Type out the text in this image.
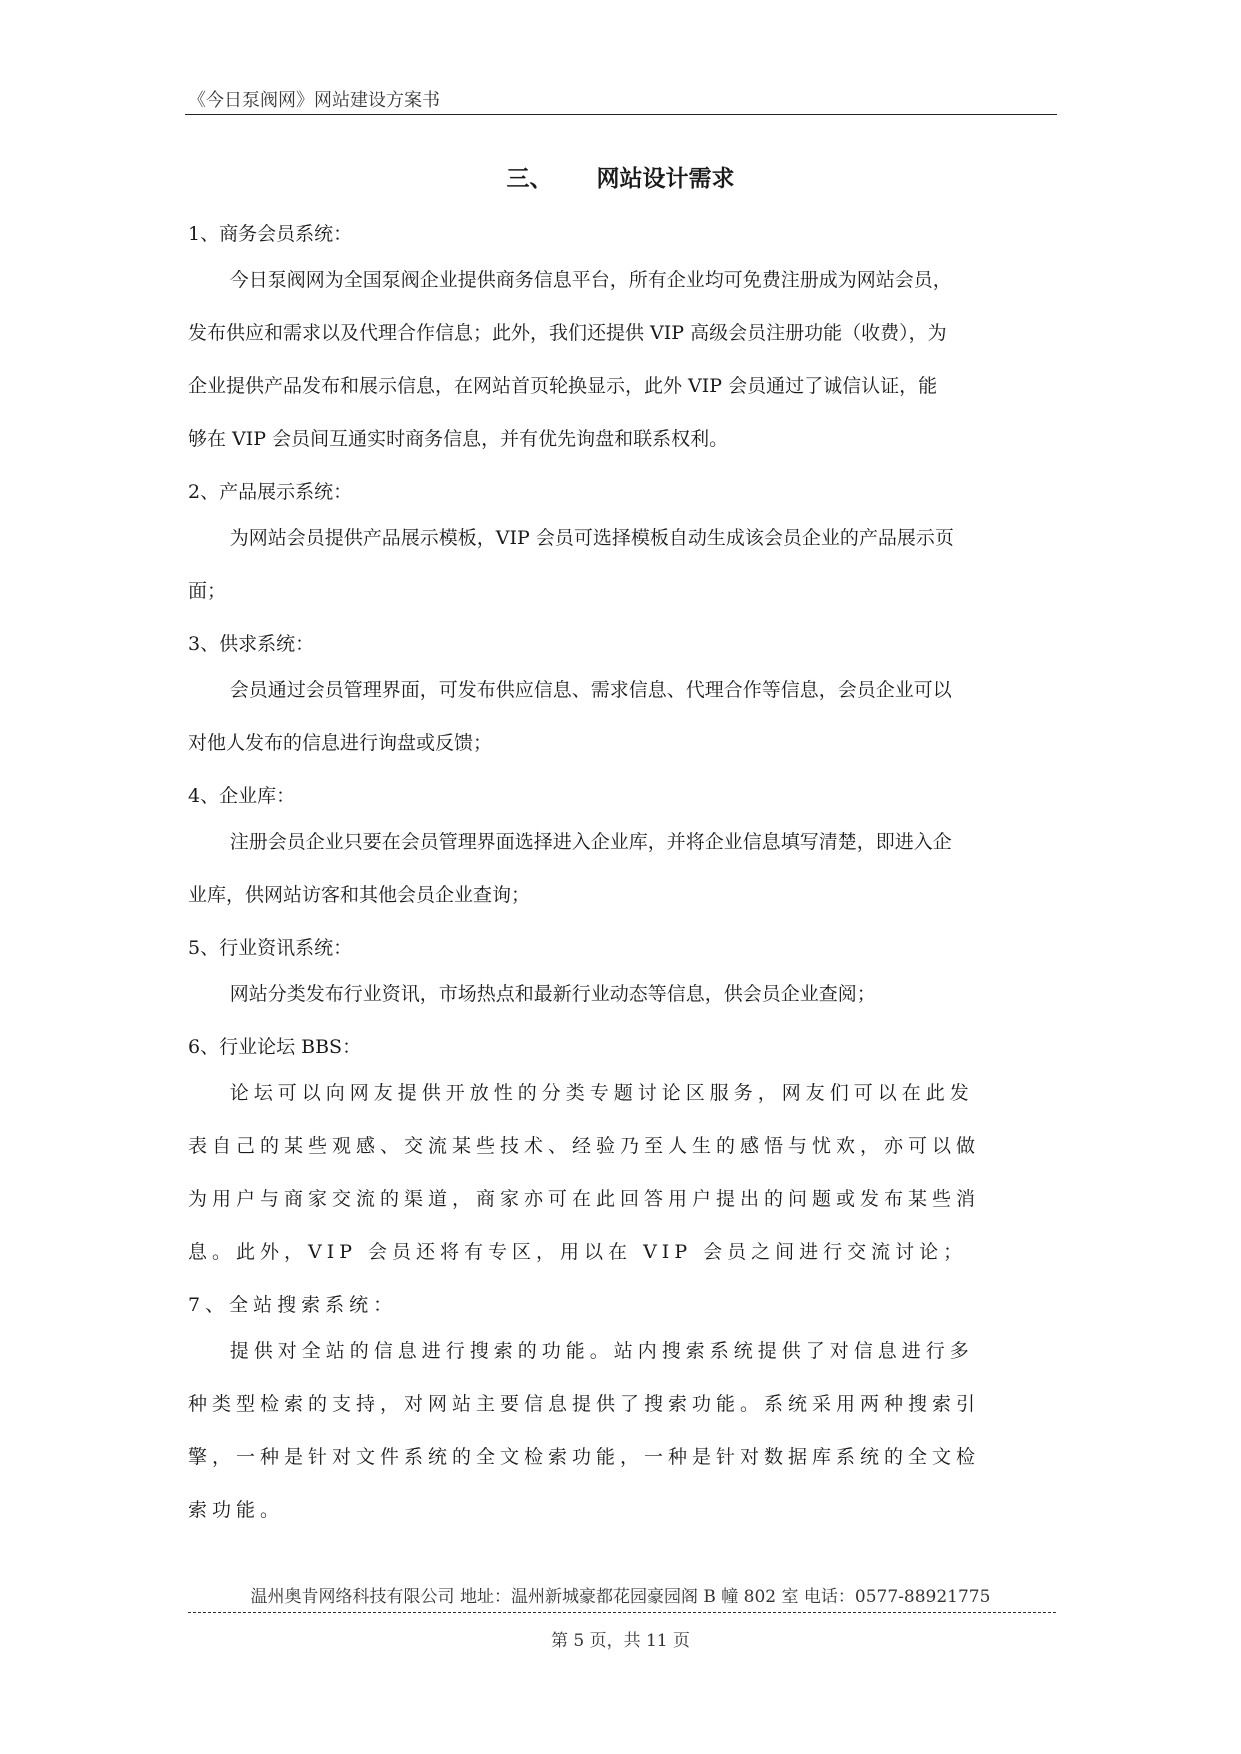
《今日泵阀网》网站建设方案书
三、 网站设计需求
1、商务会员系统：
今日泵阀网为全国泵阀企业提供商务信息平台，所有企业均可免费注册成为网站会员，
发布供应和需求以及代理合作信息；此外，我们还提供 VIP 高级会员注册功能（收费），为
企业提供产品发布和展示信息，在网站首页轮换显示，此外 VIP 会员通过了诚信认证，能
够在 VIP 会员间互通实时商务信息，并有优先询盘和联系权利。
2、产品展示系统：
为网站会员提供产品展示模板，VIP 会员可选择模板自动生成该会员企业的产品展示页
面；
3、供求系统：
会员通过会员管理界面，可发布供应信息、需求信息、代理合作等信息，会员企业可以
对他人发布的信息进行询盘或反馈；
4、企业库：
注册会员企业只要在会员管理界面选择进入企业库，并将企业信息填写清楚，即进入企
业库，供网站访客和其他会员企业查询；
5、行业资讯系统：
网站分类发布行业资讯，市场热点和最新行业动态等信息，供会员企业查阅；
6、行业论坛 BBS：
论坛可以向网友提供开放性的分类专题讨论区服务，网友们可以在此发
表自己的某些观感、交流某些技术、经验乃至人生的感悟与忧欢，亦可以做
为用户与商家交流的渠道，商家亦可在此回答用户提出的问题或发布某些消
息。此外，VIP 会员还将有专区，用以在 VIP 会员之间进行交流讨论；
7、全站搜索系统：
提供对全站的信息进行搜索的功能。站内搜索系统提供了对信息进行多
种类型检索的支持，对网站主要信息提供了搜索功能。系统采用两种搜索引
擎，一种是针对文件系统的全文检索功能，一种是针对数据库系统的全文检
索功能。
温州奥肯网络科技有限公司 地址：温州新城豪都花园豪园阁 B 幢 802 室 电话：0577-88921775
第 5 页，共 11 页
